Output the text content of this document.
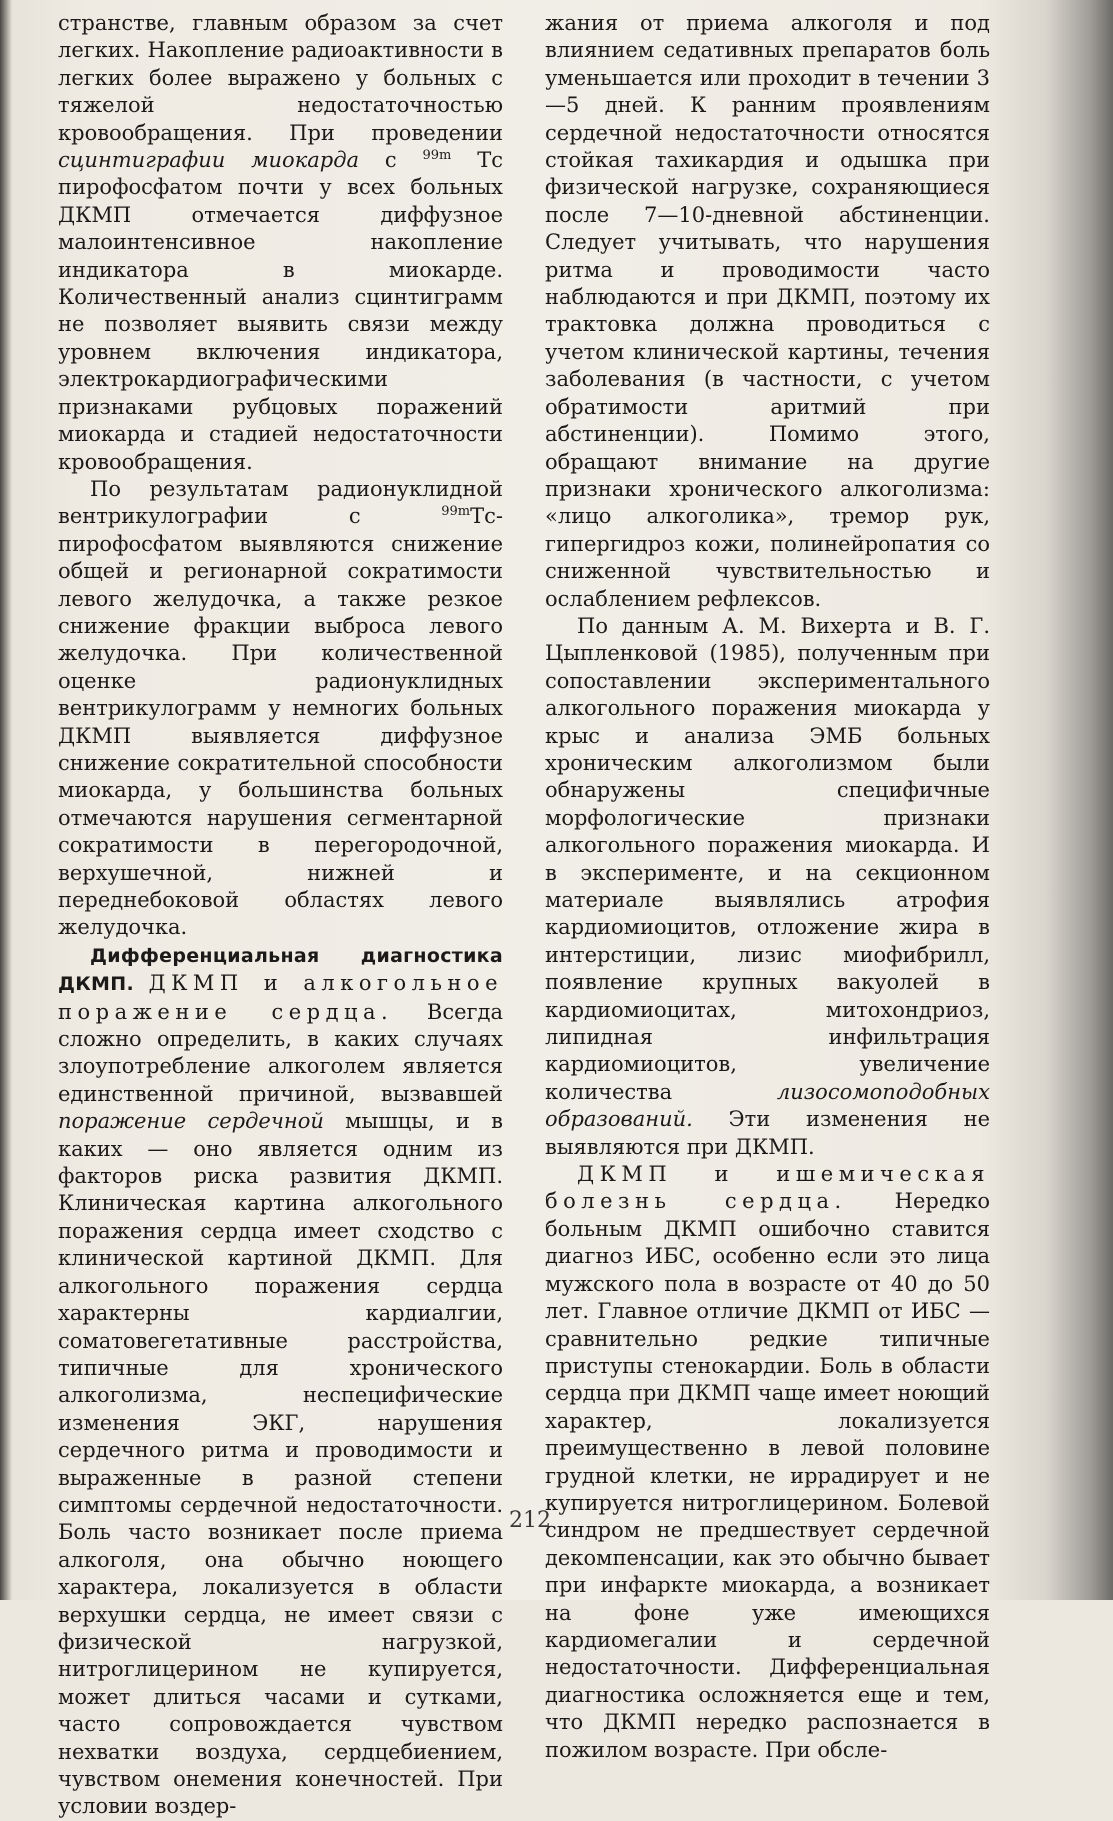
странстве, главным образом за счет легких. Накопление радиоактивности в легких более выражено у больных с тяжелой недостаточностью кровообращения. При проведении сцинтиграфии миокарда с $^{99m}$ Тс пирофосфатом почти у всех больных ДКМП отмечается диффузное малоинтенсивное накопление индикатора в миокарде. Количественный анализ сцинтиграмм не позволяет выявить связи между уровнем включения индикатора, электрокардиографическими признаками рубцовых поражений миокарда и стадией недостаточности кровообращения.

По результатам радионуклидной вентрикулографии с $^{99m}$Тс-пирофосфатом выявляются снижение общей и регионарной сократимости левого желудочка, а также резкое снижение фракции выброса левого желудочка. При количественной оценке радионуклидных вентрикулограмм у немногих больных ДКМП выявляется диффузное снижение сократительной способности миокарда, у большинства больных отмечаются нарушения сегментарной сократимости в перегородочной, верхушечной, нижней и переднебоковой областях левого желудочка.

Дифференциальная диагностика ДКМП. ДКМП и алкогольное поражение сердца. Всегда сложно определить, в каких случаях злоупотребление алкоголем является единственной причиной, вызвавшей поражение сердечной мышцы, и в каких — оно является одним из факторов риска развития ДКМП. Клиническая картина алкогольного поражения сердца имеет сходство с клинической картиной ДКМП. Для алкогольного поражения сердца характерны кардиалгии, соматовегетативные расстройства, типичные для хронического алкоголизма, неспецифические изменения ЭКГ, нарушения сердечного ритма и проводимости и выраженные в разной степени симптомы сердечной недостаточности. Боль часто возникает после приема алкоголя, она обычно ноющего характера, локализуется в области верхушки сердца, не имеет связи с физической нагрузкой, нитроглицерином не купируется, может длиться часами и сутками, часто сопровождается чувством нехватки воздуха, сердцебиением, чувством онемения конечностей. При условии воздер-

жания от приема алкоголя и под влиянием седативных препаратов боль уменьшается или проходит в течении 3—5 дней. К ранним проявлениям сердечной недостаточности относятся стойкая тахикардия и одышка при физической нагрузке, сохраняющиеся после 7—10-дневной абстиненции. Следует учитывать, что нарушения ритма и проводимости часто наблюдаются и при ДКМП, поэтому их трактовка должна проводиться с учетом клинической картины, течения заболевания (в частности, с учетом обратимости аритмий при абстиненции). Помимо этого, обращают внимание на другие признаки хронического алкоголизма: «лицо алкоголика», тремор рук, гипергидроз кожи, полинейропатия со сниженной чувствительностью и ослаблением рефлексов.

По данным А. М. Вихерта и В. Г. Цыпленковой (1985), полученным при сопоставлении экспериментального алкогольного поражения миокарда у крыс и анализа ЭМБ больных хроническим алкоголизмом были обнаружены специфичные морфологические признаки алкогольного поражения миокарда. И в эксперименте, и на секционном материале выявлялись атрофия кардиомиоцитов, отложение жира в интерстиции, лизис миофибрилл, появление крупных вакуолей в кардиомиоцитах, митохондриоз, липидная инфильтрация кардиомиоцитов, увеличение количества лизосомоподобных образований. Эти изменения не выявляются при ДКМП.

ДКМП и ишемическая болезнь сердца. Нередко больным ДКМП ошибочно ставится диагноз ИБС, особенно если это лица мужского пола в возрасте от 40 до 50 лет. Главное отличие ДКМП от ИБС — сравнительно редкие типичные приступы стенокардии. Боль в области сердца при ДКМП чаще имеет ноющий характер, локализуется преимущественно в левой половине грудной клетки, не иррадирует и не купируется нитроглицерином. Болевой синдром не предшествует сердечной декомпенсации, как это обычно бывает при инфаркте миокарда, а возникает на фоне уже имеющихся кардиомегалии и сердечной недостаточности. Дифференциальная диагностика осложняется еще и тем, что ДКМП нередко распознается в пожилом возрасте. При обсле-

212
